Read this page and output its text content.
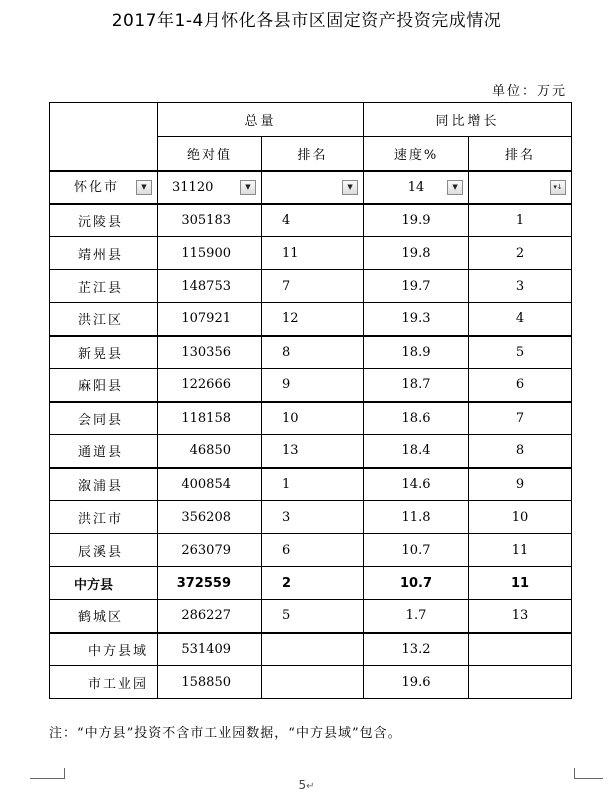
2017年1-4月怀化各县市区固定资产投资完成情况
单位：万元
	总量		同比增长	
	绝对值	排名	速度%	排名

怀化市 ▼	31120 ▼	▼	14 ▼	▾↓

沅陵县	305183	4	19.9	1
靖州县	115900	11	19.8	2
芷江县	148753	7	19.7	3
洪江区	107921	12	19.3	4
新晃县	130356	8	18.9	5
麻阳县	122666	9	18.7	6
会同县	118158	10	18.6	7
通道县	46850	13	18.4	8
溆浦县	400854	1	14.6	9
洪江市	356208	3	11.8	10
辰溪县	263079	6	10.7	11
中方县	372559	2	10.7	11
鹤城区	286227	5	1.7	13
中方县域	531409		13.2	
市工业园	158850		19.6	
注：“中方县”投资不含市工业园数据，“中方县域”包含。
5↵
